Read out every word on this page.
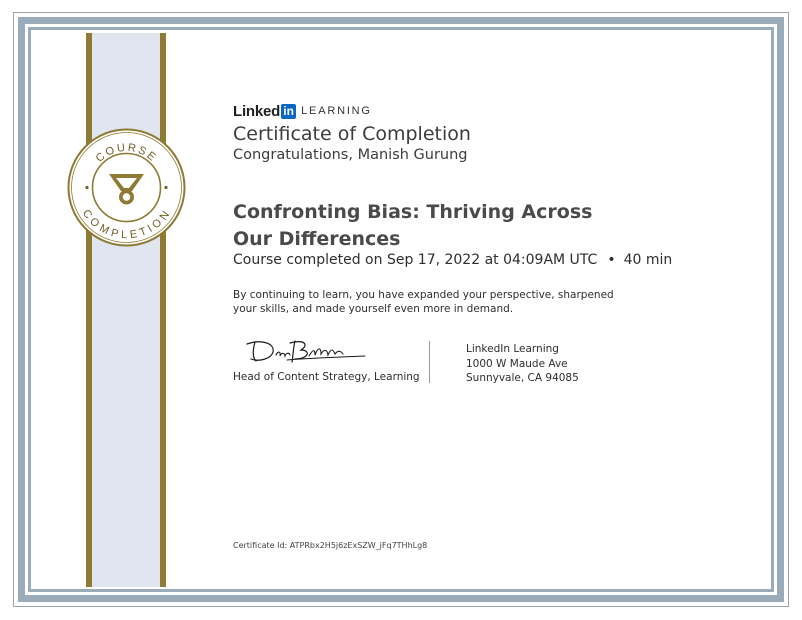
COURSE
COMPLETION
Linked in LEARNING
Certificate of Completion
Congratulations, Manish Gurung
Confronting Bias: Thriving Across Our Differences
Course completed on Sep 17, 2022 at 04:09AM UTC • 40 min
By continuing to learn, you have expanded your perspective, sharpened your skills, and made yourself even more in demand.
Head of Content Strategy, Learning
LinkedIn Learning
1000 W Maude Ave
Sunnyvale, CA 94085
Certificate Id: ATPRbx2H5j6zExSZW_jFq7THhLg8
